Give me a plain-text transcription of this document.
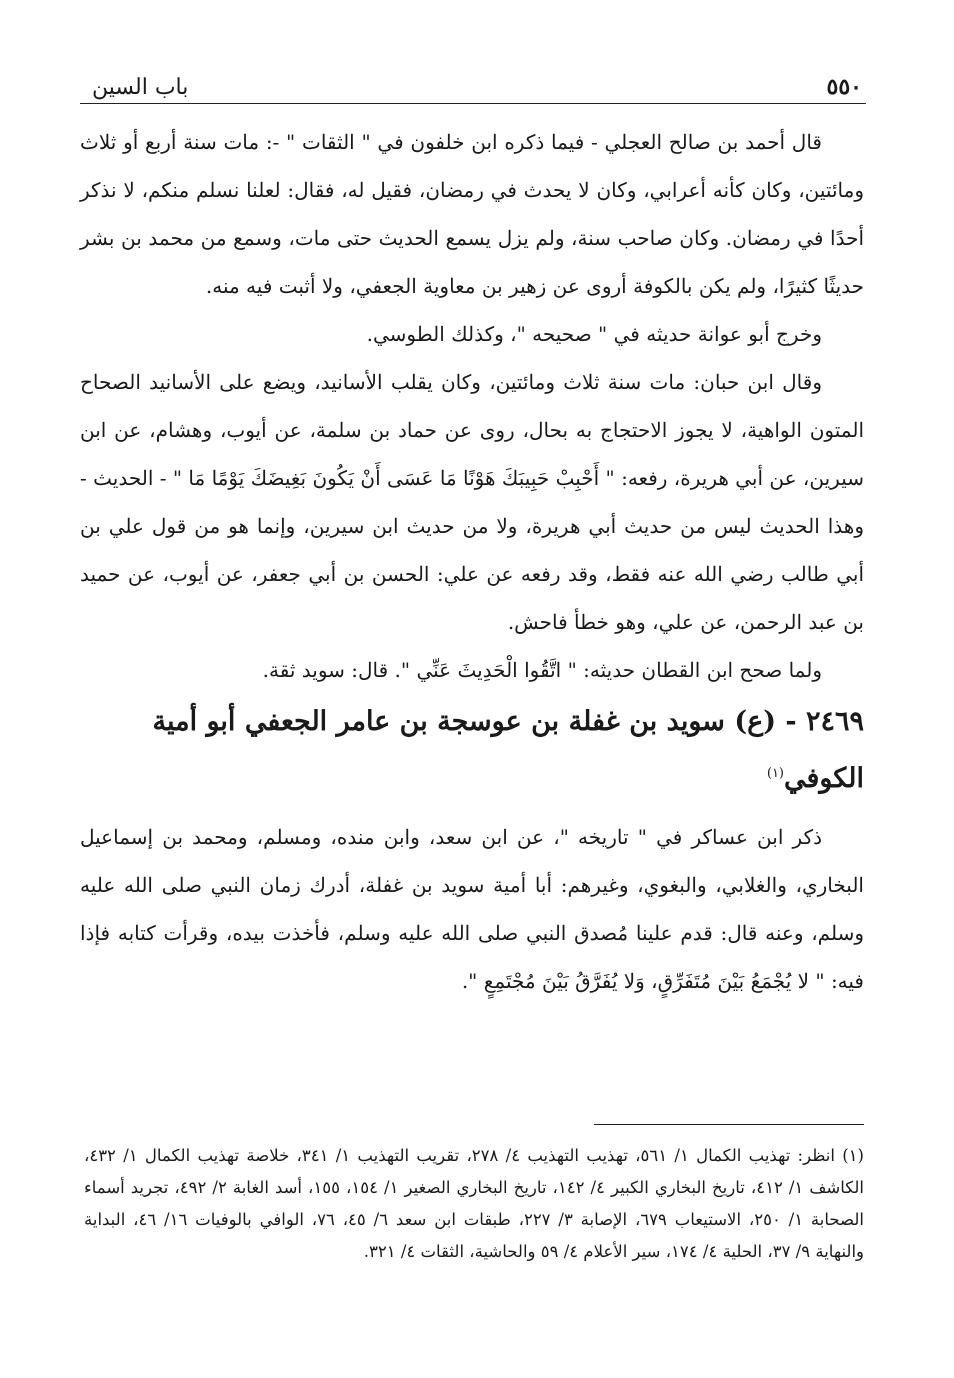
٥٥٠
باب السين

قال أحمد بن صالح العجلي - فيما ذكره ابن خلفون في " الثقات " -: مات سنة أربع أو ثلاث ومائتين، وكان كأنه أعرابي، وكان لا يحدث في رمضان، فقيل له، فقال: لعلنا نسلم منكم، لا نذكر أحدًا في رمضان. وكان صاحب سنة، ولم يزل يسمع الحديث حتى مات، وسمع من محمد بن بشر حديثًا كثيرًا، ولم يكن بالكوفة أروى عن زهير بن معاوية الجعفي، ولا أثبت فيه منه.

وخرج أبو عوانة حديثه في " صحيحه "، وكذلك الطوسي.

وقال ابن حبان: مات سنة ثلاث ومائتين، وكان يقلب الأسانيد، ويضع على الأسانيد الصحاح المتون الواهية، لا يجوز الاحتجاج به بحال، روى عن حماد بن سلمة، عن أيوب، وهشام، عن ابن سيرين، عن أبي هريرة، رفعه: " أَحْبِبْ حَبِيبَكَ هَوْنًا مَا عَسَى أَنْ يَكُونَ بَغِيضَكَ يَوْمًا مَا " - الحديث - وهذا الحديث ليس من حديث أبي هريرة، ولا من حديث ابن سيرين، وإنما هو من قول علي بن أبي طالب رضي الله عنه فقط، وقد رفعه عن علي: الحسن بن أبي جعفر، عن أيوب، عن حميد بن عبد الرحمن، عن علي، وهو خطأ فاحش.

ولما صحح ابن القطان حديثه: " اتَّقُوا الْحَدِيثَ عَنِّي ". قال: سويد ثقة.

٢٤٦٩ - (ع) سويد بن غفلة بن عوسجة بن عامر الجعفي أبو أمية الكوفي$^{(١)}$

ذكر ابن عساكر في " تاريخه "، عن ابن سعد، وابن منده، ومسلم، ومحمد بن إسماعيل البخاري، والغلابي، والبغوي، وغيرهم: أبا أمية سويد بن غفلة، أدرك زمان النبي صلى الله عليه وسلم، وعنه قال: قدم علينا مُصدق النبي صلى الله عليه وسلم، فأخذت بيده، وقرأت كتابه فإذا فيه: " لا يُجْمَعُ بَيْنَ مُتَفَرِّقٍ، وَلا يُفَرَّقُ بَيْنَ مُجْتَمِعٍ ".

(١) انظر: تهذيب الكمال ١/ ٥٦١، تهذيب التهذيب ٤/ ٢٧٨، تقريب التهذيب ١/ ٣٤١، خلاصة تهذيب الكمال ١/ ٤٣٢، الكاشف ١/ ٤١٢، تاريخ البخاري الكبير ٤/ ١٤٢، تاريخ البخاري الصغير ١/ ١٥٤، ١٥٥، أسد الغابة ٢/ ٤٩٢، تجريد أسماء الصحابة ١/ ٢٥٠، الاستيعاب ٦٧٩، الإصابة ٣/ ٢٢٧، طبقات ابن سعد ٦/ ٤٥، ٧٦، الوافي بالوفيات ١٦/ ٤٦، البداية والنهاية ٩/ ٣٧، الحلية ٤/ ١٧٤، سير الأعلام ٤/ ٥٩ والحاشية، الثقات ٤/ ٣٢١.
